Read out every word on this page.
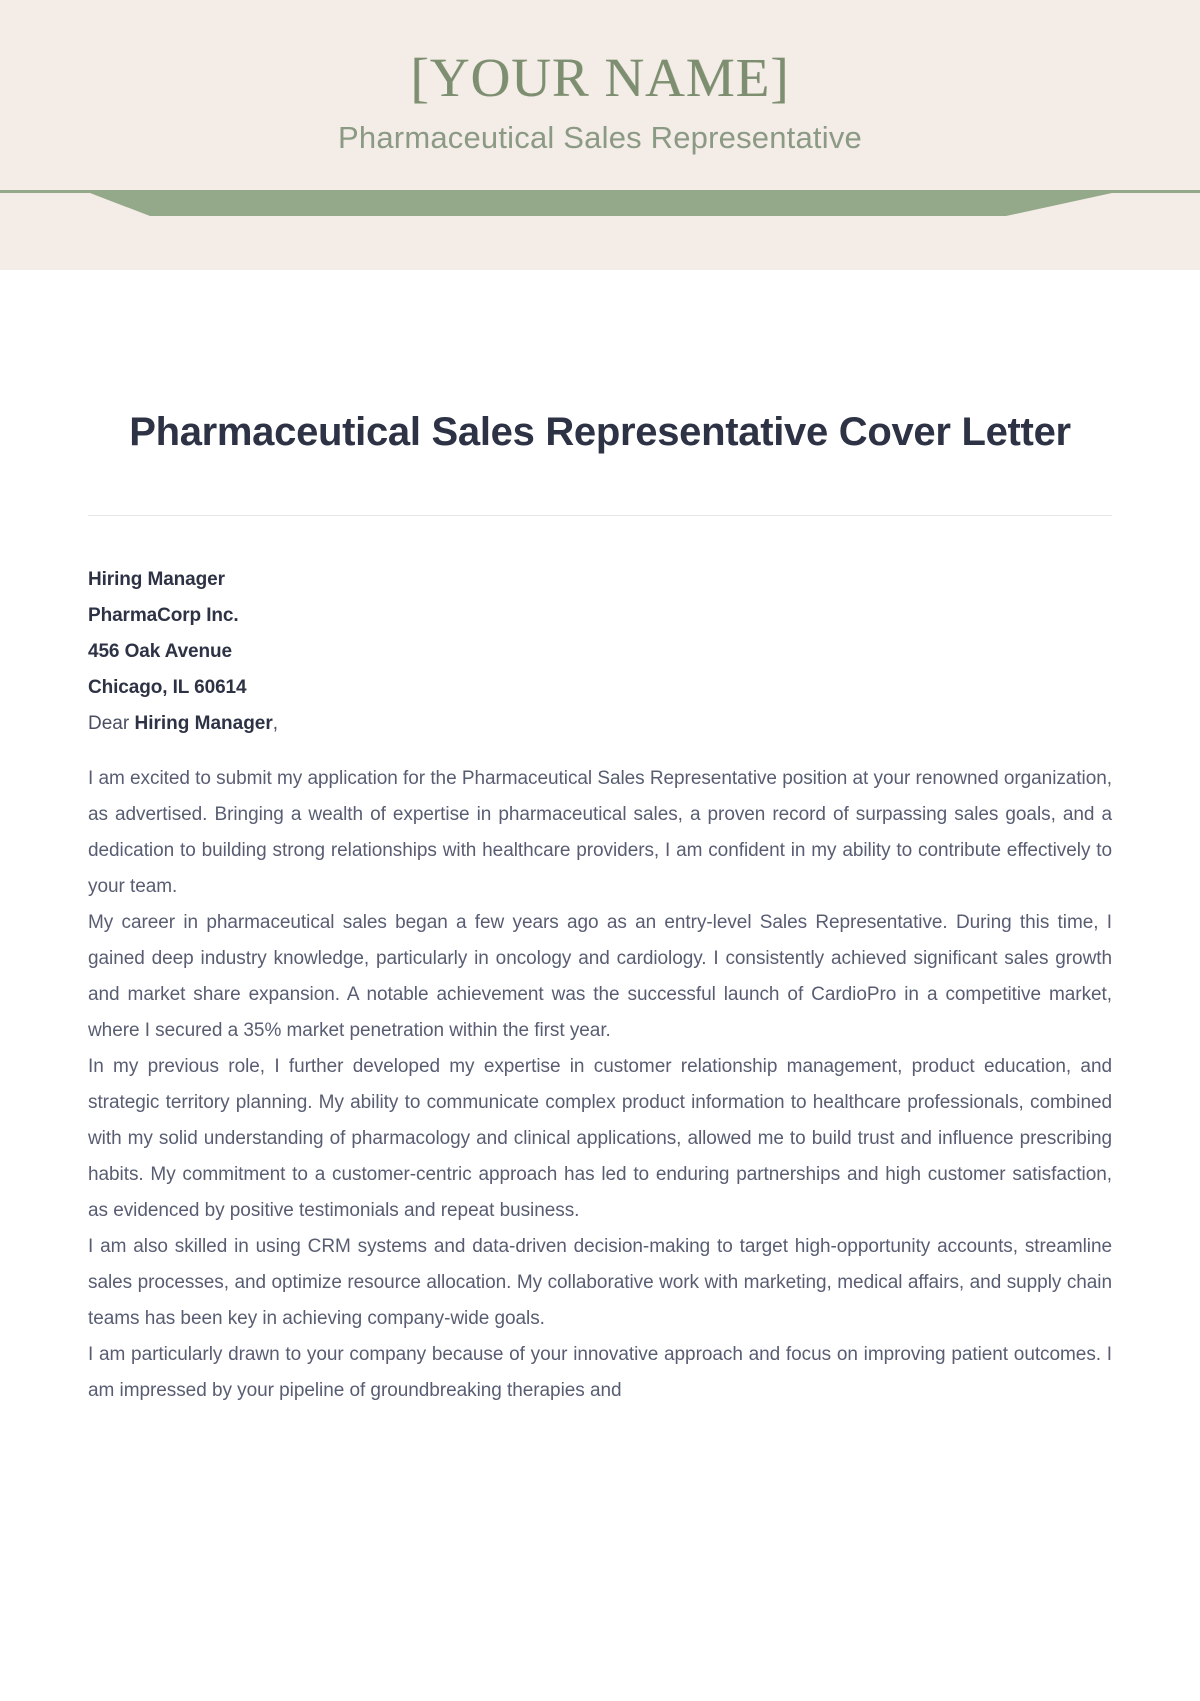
[YOUR NAME]
Pharmaceutical Sales Representative
Pharmaceutical Sales Representative Cover Letter
Hiring Manager
PharmaCorp Inc.
456 Oak Avenue
Chicago, IL 60614

Dear Hiring Manager,

I am excited to submit my application for the Pharmaceutical Sales Representative position at your renowned organization, as advertised. Bringing a wealth of expertise in pharmaceutical sales, a proven record of surpassing sales goals, and a dedication to building strong relationships with healthcare providers, I am confident in my ability to contribute effectively to your team.

My career in pharmaceutical sales began a few years ago as an entry-level Sales Representative. During this time, I gained deep industry knowledge, particularly in oncology and cardiology. I consistently achieved significant sales growth and market share expansion. A notable achievement was the successful launch of CardioPro in a competitive market, where I secured a 35% market penetration within the first year.

In my previous role, I further developed my expertise in customer relationship management, product education, and strategic territory planning. My ability to communicate complex product information to healthcare professionals, combined with my solid understanding of pharmacology and clinical applications, allowed me to build trust and influence prescribing habits. My commitment to a customer-centric approach has led to enduring partnerships and high customer satisfaction, as evidenced by positive testimonials and repeat business.

I am also skilled in using CRM systems and data-driven decision-making to target high-opportunity accounts, streamline sales processes, and optimize resource allocation. My collaborative work with marketing, medical affairs, and supply chain teams has been key in achieving company-wide goals.

I am particularly drawn to your company because of your innovative approach and focus on improving patient outcomes. I am impressed by your pipeline of groundbreaking therapies and
